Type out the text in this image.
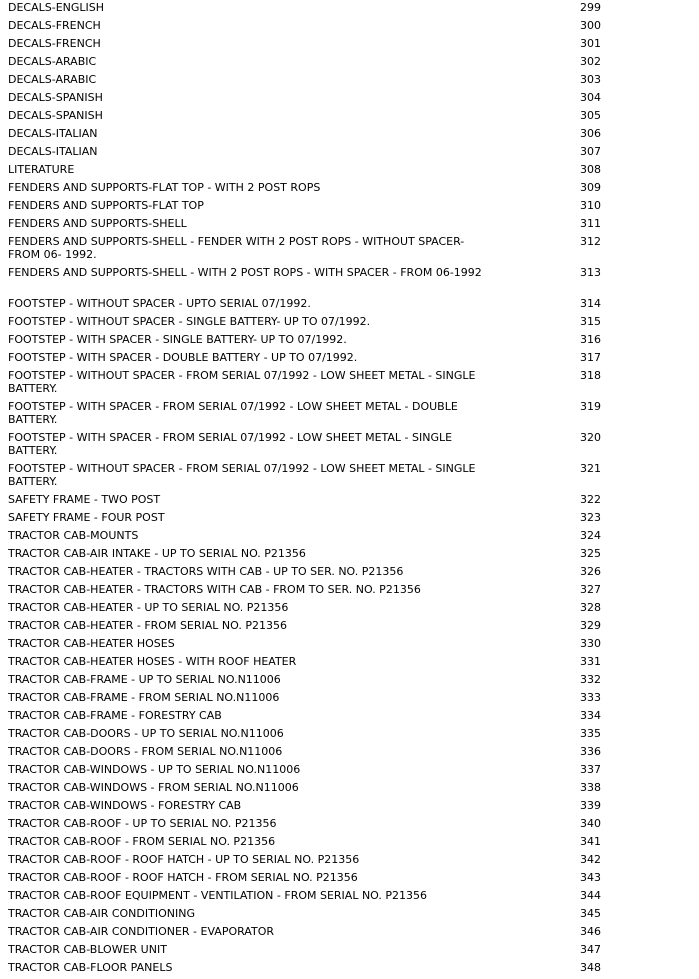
DECALS-ENGLISH	299
DECALS-FRENCH	300
DECALS-FRENCH	301
DECALS-ARABIC	302
DECALS-ARABIC	303
DECALS-SPANISH	304
DECALS-SPANISH	305
DECALS-ITALIAN	306
DECALS-ITALIAN	307
LITERATURE	308
FENDERS AND SUPPORTS-FLAT TOP - WITH 2 POST ROPS	309
FENDERS AND SUPPORTS-FLAT TOP	310
FENDERS AND SUPPORTS-SHELL	311
FENDERS AND SUPPORTS-SHELL - FENDER WITH 2 POST ROPS - WITHOUT SPACER- FROM 06- 1992.
312
FENDERS AND SUPPORTS-SHELL - WITH 2 POST ROPS - WITH SPACER - FROM 06-1992	313
FOOTSTEP - WITHOUT SPACER - UPTO SERIAL 07/1992.	314
FOOTSTEP - WITHOUT SPACER - SINGLE BATTERY- UP TO 07/1992.	315
FOOTSTEP - WITH SPACER - SINGLE BATTERY- UP TO 07/1992.	316
FOOTSTEP - WITH SPACER - DOUBLE BATTERY - UP TO 07/1992.	317
FOOTSTEP - WITHOUT SPACER - FROM SERIAL 07/1992 - LOW SHEET METAL - SINGLE BATTERY.
318
FOOTSTEP - WITH SPACER - FROM SERIAL 07/1992 - LOW SHEET METAL - DOUBLE BATTERY.
319
FOOTSTEP - WITH SPACER - FROM SERIAL 07/1992 - LOW SHEET METAL - SINGLE BATTERY.
320
FOOTSTEP - WITHOUT SPACER - FROM SERIAL 07/1992 - LOW SHEET METAL - SINGLE BATTERY.
321
SAFETY FRAME - TWO POST	322
SAFETY FRAME - FOUR POST	323
TRACTOR CAB-MOUNTS	324
TRACTOR CAB-AIR INTAKE - UP TO SERIAL NO. P21356	325
TRACTOR CAB-HEATER - TRACTORS WITH CAB - UP TO SER. NO. P21356	326
TRACTOR CAB-HEATER - TRACTORS WITH CAB - FROM TO SER. NO. P21356	327
TRACTOR CAB-HEATER - UP TO SERIAL NO. P21356	328
TRACTOR CAB-HEATER - FROM SERIAL NO. P21356	329
TRACTOR CAB-HEATER HOSES	330
TRACTOR CAB-HEATER HOSES - WITH ROOF HEATER	331
TRACTOR CAB-FRAME - UP TO SERIAL NO.N11006	332
TRACTOR CAB-FRAME - FROM SERIAL NO.N11006	333
TRACTOR CAB-FRAME - FORESTRY CAB	334
TRACTOR CAB-DOORS - UP TO SERIAL NO.N11006	335
TRACTOR CAB-DOORS - FROM SERIAL NO.N11006	336
TRACTOR CAB-WINDOWS - UP TO SERIAL NO.N11006	337
TRACTOR CAB-WINDOWS - FROM SERIAL NO.N11006	338
TRACTOR CAB-WINDOWS - FORESTRY CAB	339
TRACTOR CAB-ROOF - UP TO SERIAL NO. P21356	340
TRACTOR CAB-ROOF - FROM SERIAL NO. P21356	341
TRACTOR CAB-ROOF - ROOF HATCH - UP TO SERIAL NO. P21356	342
TRACTOR CAB-ROOF - ROOF HATCH - FROM SERIAL NO. P21356	343
TRACTOR CAB-ROOF EQUIPMENT - VENTILATION - FROM SERIAL NO. P21356	344
TRACTOR CAB-AIR CONDITIONING	345
TRACTOR CAB-AIR CONDITIONER - EVAPORATOR	346
TRACTOR CAB-BLOWER UNIT	347
TRACTOR CAB-FLOOR PANELS	348
